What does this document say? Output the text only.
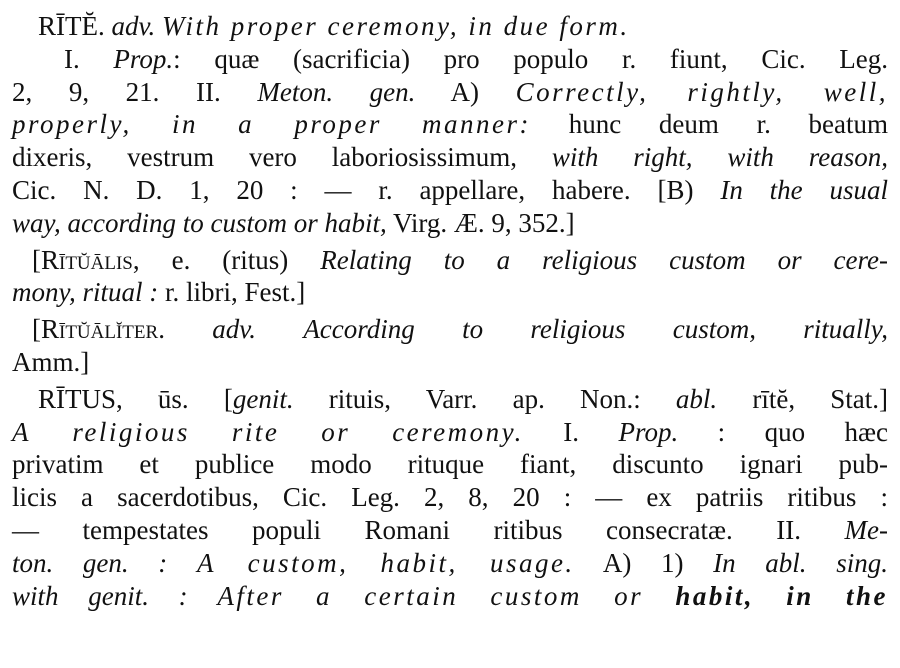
RĪTĔ. adv. With proper ceremony, in due form.
I. Prop.: quæ (sacrificia) pro populo r. fiunt, Cic. Leg.
2, 9, 21. II. Meton. gen. A) Correctly, rightly, well,
properly, in a proper manner: hunc deum r. beatum
dixeris, vestrum vero laboriosissimum, with right, with reason,
Cic. N. D. 1, 20 : — r. appellare, habere. [B) In the usual
way, according to custom or habit, Virg. Æ. 9, 352.]
[Rītŭālis, e. (ritus) Relating to a religious custom or cere-
mony, ritual : r. libri, Fest.]
[Rītŭālĭter. adv. According to religious custom, ritually,
Amm.]
RĪTUS, ūs. [genit. rituis, Varr. ap. Non.: abl. rītĕ, Stat.]
A religious rite or ceremony. I. Prop. : quo hæc
privatim et publice modo rituque fiant, discunto ignari pub-
licis a sacerdotibus, Cic. Leg. 2, 8, 20 : — ex patriis ritibus :
— tempestates populi Romani ritibus consecratæ. II. Me-
ton. gen. : A custom, habit, usage. A) 1) In abl. sing.
with genit. : After a certain custom or habit, in the
